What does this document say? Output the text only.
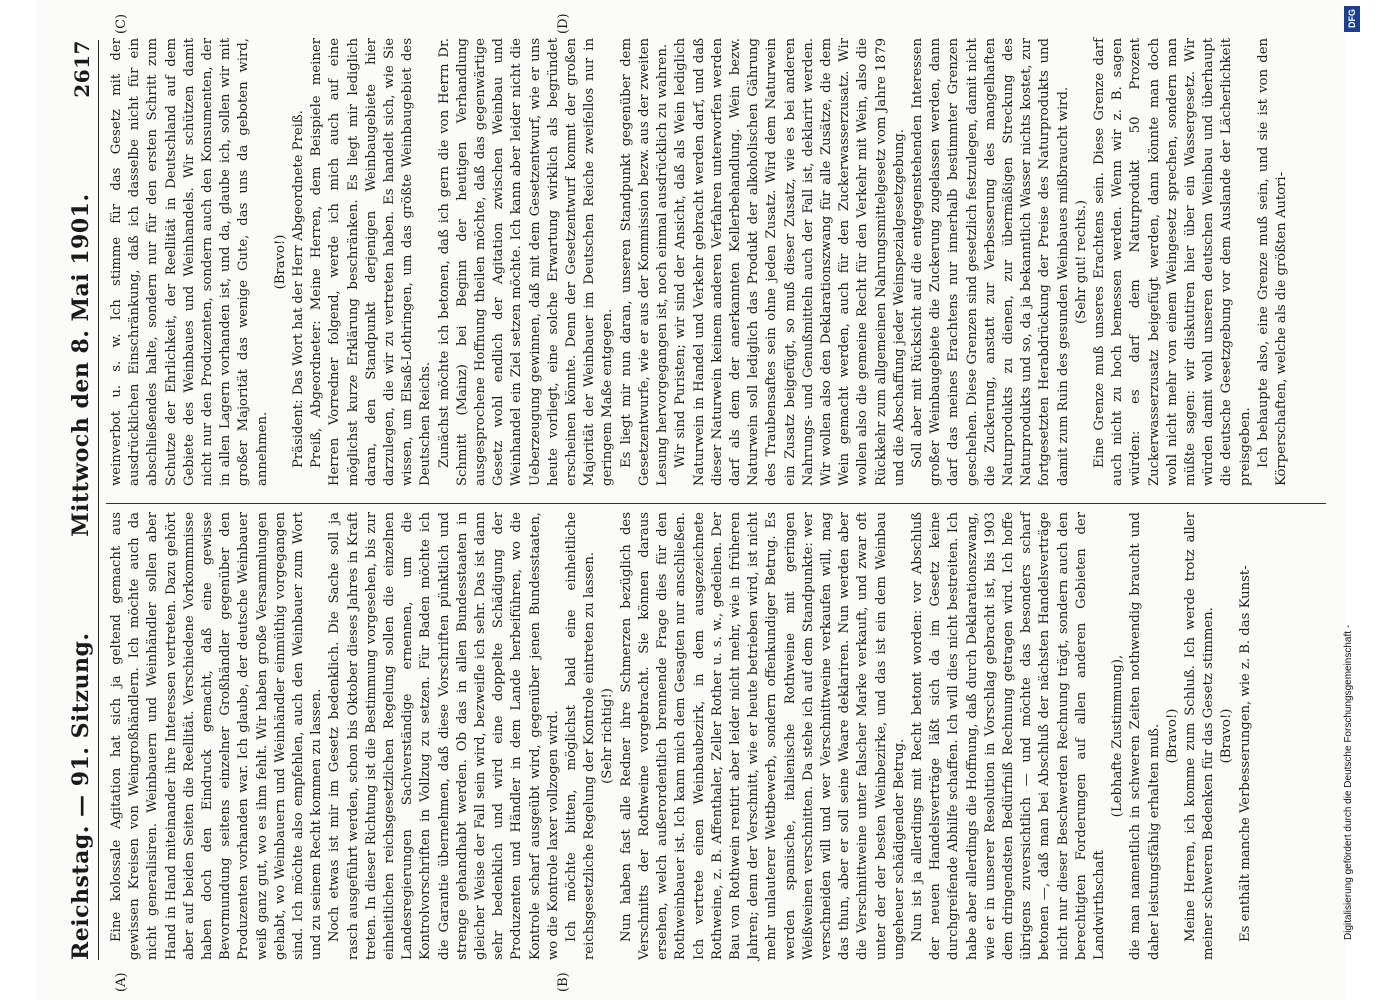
Reichstag. — 91. Sitzung.
Mittwoch den 8. Mai 1901.
2617
(A)	(B)
(C)	(D)

Eine kolossale Agitation hat sich ja geltend gemacht aus gewissen Kreisen von Weingroßhändlern. Ich möchte auch da nicht generalisiren. Weinbauern und Weinhändler sollen aber Hand in Hand miteinander ihre Interessen vertreten. Dazu gehört aber auf beiden Seiten die Reellität. Verschiedene Vorkommnisse haben doch den Eindruck gemacht, daß eine gewisse Bevormundung seitens einzelner Großhändler gegenüber den Produzenten vorhanden war. Ich glaube, der deutsche Weinbauer weiß ganz gut, wo es ihm fehlt. Wir haben große Versammlungen gehabt, wo Weinbauern und Weinhändler einmüthig vorgegangen sind. Ich möchte also empfehlen, auch den Weinbauer zum Wort und zu seinem Recht kommen zu lassen. Noch etwas ist mir im Gesetz bedenklich. Die Sache soll ja rasch ausgeführt werden, schon bis Oktober dieses Jahres in Kraft treten. In dieser Richtung ist die Bestimmung vorgesehen, bis zur einheitlichen reichsgesetzlichen Regelung sollen die einzelnen Landesregierungen Sachverständige ernennen, um die Kontrolvorschriften in Vollzug zu setzen. Für Baden möchte ich die Garantie übernehmen, daß diese Vorschriften pünktlich und strenge gehandhabt werden. Ob das in allen Bundesstaaten in gleicher Weise der Fall sein wird, bezweifle ich sehr. Das ist dann sehr bedenklich und wird eine doppelte Schädigung der Produzenten und Händler in dem Lande herbeiführen, wo die Kontrole scharf ausgeübt wird, gegenüber jenen Bundesstaaten, wo die Kontrole laxer vollzogen wird. Ich möchte bitten, möglichst bald eine einheitliche reichsgesetzliche Regelung der Kontrole eintreten zu lassen. (Sehr richtig!) Nun haben fast alle Redner ihre Schmerzen bezüglich des Verschnitts der Rothweine vorgebracht. Sie können daraus ersehen, welch außerordentlich brennende Frage dies für den Rothweinbauer ist. Ich kann mich dem Gesagten nur anschließen. Ich vertrete einen Weinbaubezirk, in dem ausgezeichnete Rothweine, z. B. Affenthaler, Zeller Rother u. s. w., gedeihen. Der Bau von Rothwein rentirt aber leider nicht mehr, wie in früheren Jahren; denn der Verschnitt, wie er heute betrieben wird, ist nicht mehr unlauterer Wettbewerb, sondern offenkundiger Betrug. Es werden spanische, italienische Rothweine mit geringen Weißweinen verschnitten. Da stehe ich auf dem Standpunkte: wer verschneiden will und wer Verschnittweine verkaufen will, mag das thun, aber er soll seine Waare deklariren. Nun werden aber die Verschnittweine unter falscher Marke verkauft, und zwar oft unter der der besten Weinbezirke, und das ist ein dem Weinbau ungeheuer schädigender Betrug. Nun ist ja allerdings mit Recht betont worden: vor Abschluß der neuen Handelsverträge läßt sich da im Gesetz keine durchgreifende Abhilfe schaffen. Ich will dies nicht bestreiten. Ich habe aber allerdings die Hoffnung, daß durch Deklarationszwang, wie er in unserer Resolution in Vorschlag gebracht ist, bis 1903 dem dringendsten Bedürfniß Rechnung getragen wird. Ich hoffe übrigens zuversichtlich — und möchte das besonders scharf betonen —, daß man bei Abschluß der nächsten Handelsverträge nicht nur dieser Beschwerden Rechnung trägt, sondern auch den berechtigten Forderungen auf allen anderen Gebieten der Landwirthschaft

(Lebhafte Zustimmung), die man namentlich in schweren Zeiten nothwendig braucht und daher leistungsfähig erhalten muß. (Bravo!) Meine Herren, ich komme zum Schluß. Ich werde trotz aller meiner schweren Bedenken für das Gesetz stimmen. (Bravo!) Es enthält manche Verbesserungen, wie z. B. das Kunst-

weinverbot u. s. w. Ich stimme für das Gesetz mit der ausdrücklichen Einschränkung, daß ich dasselbe nicht für ein abschließendes halte, sondern nur für den ersten Schritt zum Schutze der Ehrlichkeit, der Reellität in Deutschland auf dem Gebiete des Weinbaues und Weinhandels. Wir schützen damit nicht nur den Produzenten, sondern auch den Konsumenten, der in allen Lagern vorhanden ist, und da, glaube ich, sollen wir mit großer Majorität das wenige Gute, das uns da geboten wird, annehmen.

(Bravo!) Präsident: Das Wort hat der Herr Abgeordnete Preiß. Preiß, Abgeordneter: Meine Herren, dem Beispiele meiner Herren Vorredner folgend, werde ich mich auch auf eine möglichst kurze Erklärung beschränken. Es liegt mir lediglich daran, den Standpunkt derjenigen Weinbaugebiete hier darzulegen, die wir zu vertreten haben. Es handelt sich, wie Sie wissen, um Elsaß-Lothringen, um das größte Weinbaugebiet des Deutschen Reichs. Zunächst möchte ich betonen, daß ich gern die von Herrn Dr. Schmitt (Mainz) bei Beginn der heutigen Verhandlung ausgesprochene Hoffnung theilen möchte, daß das gegenwärtige Gesetz wohl endlich der Agitation zwischen Weinbau und Weinhandel ein Ziel setzen möchte. Ich kann aber leider nicht die Ueberzeugung gewinnen, daß mit dem Gesetzentwurf, wie er uns heute vorliegt, eine solche Erwartung wirklich als begründet erscheinen könnte. Denn der Gesetzentwurf kommt der großen Majorität der Weinbauer im Deutschen Reiche zweifellos nur in geringem Maße entgegen. Es liegt mir nun daran, unseren Standpunkt gegenüber dem Gesetzentwurfe, wie er aus der Kommission bezw. aus der zweiten Lesung hervorgegangen ist, noch einmal ausdrücklich zu wahren. Wir sind Puristen; wir sind der Ansicht, daß als Wein lediglich Naturwein in Handel und Verkehr gebracht werden darf, und daß dieser Naturwein keinem anderen Verfahren unterworfen werden darf als dem der anerkannten Kellerbehandlung. Wein bezw. Naturwein soll lediglich das Produkt der alkoholischen Gährung des Traubensaftes sein ohne jeden Zusatz. Wird dem Naturwein ein Zusatz beigefügt, so muß dieser Zusatz, wie es bei anderen Nahrungs- und Genußmitteln auch der Fall ist, deklarirt werden. Wir wollen also den Deklarationszwang für alle Zusätze, die dem Wein gemacht werden, auch für den Zuckerwasserzusatz. Wir wollen also die gemeine Recht für den Verkehr mit Wein, also die Rückkehr zum allgemeinen Nahrungsmittelgesetz vom Jahre 1879 und die Abschaffung jeder Weinspezialgesetzgebung. Soll aber mit Rücksicht auf die entgegenstehenden Interessen großer Weinbaugebiete die Zuckerung zugelassen werden, dann darf das meines Erachtens nur innerhalb bestimmter Grenzen geschehen. Diese Grenzen sind gesetzlich festzulegen, damit nicht die Zuckerung, anstatt zur Verbesserung des mangelhaften Naturprodukts zu dienen, zur übermäßigen Streckung des Naturprodukts und so, da ja bekanntlich Wasser nichts kostet, zur fortgesetzten Herabdrückung der Preise des Naturprodukts und damit zum Ruin des gesunden Weinbaues mißbraucht wird. (Sehr gut! rechts.) Eine Grenze muß unseres Erachtens sein. Diese Grenze darf auch nicht zu hoch bemessen werden. Wenn wir z. B. sagen würden: es darf dem Naturprodukt 50 Prozent Zuckerwasserzusatz beigefügt werden, dann könnte man doch wohl nicht mehr von einem Weingesetz sprechen, sondern man müßte sagen: wir diskutiren hier über ein Wassergesetz. Wir würden damit wohl unseren deutschen Weinbau und überhaupt die deutsche Gesetzgebung vor dem Auslande der Lächerlichkeit preisgeben. Ich behaupte also, eine Grenze muß sein, und sie ist von den Körperschaften, welche als die größten Autori-

DFG
Digitalisierung gefördert durch die Deutsche Forschungsgemeinschaft -
